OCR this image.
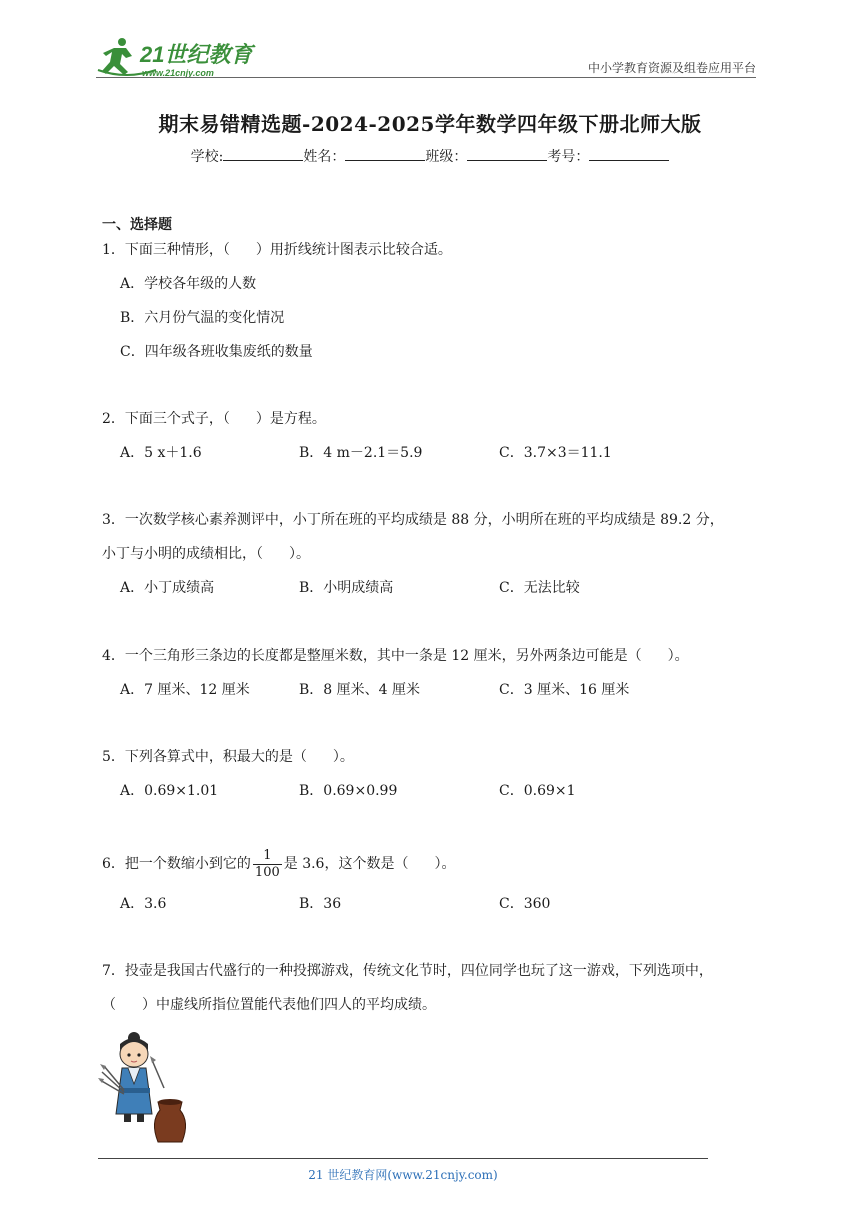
21世纪教育
www.21cnjy.com	中小学教育资源及组卷应用平台
期末易错精选题-2024-2025学年数学四年级下册北师大版
学校:	姓名：	班级：	考号：
一、选择题
1．下面三种情形，（ ）用折线统计图表示比较合适。
A．学校各年级的人数
B．六月份气温的变化情况
C．四年级各班收集废纸的数量
2．下面三个式子，（ ）是方程。
A．5 x＋1.6	B．4 m－2.1＝5.9	C．3.7×3＝11.1
3．一次数学核心素养测评中，小丁所在班的平均成绩是 88 分，小明所在班的平均成绩是 89.2 分，
小丁与小明的成绩相比，（ ）。
A．小丁成绩高	B．小明成绩高	C．无法比较
4．一个三角形三条边的长度都是整厘米数，其中一条是 12 厘米，另外两条边可能是（ ）。
A．7 厘米、12 厘米	B．8 厘米、4 厘米	C．3 厘米、16 厘米
5．下列各算式中，积最大的是（ ）。
A．0.69×1.01	B．0.69×0.99	C．0.69×1
6．把一个数缩小到它的 $\frac{1}{100}$ 是 3.6，这个数是（ ）。
A．3.6	B．36	C．360
7．投壶是我国古代盛行的一种投掷游戏，传统文化节时，四位同学也玩了这一游戏，下列选项中，
（ ）中虚线所指位置能代表他们四人的平均成绩。
21 世纪教育网(www.21cnjy.com)
